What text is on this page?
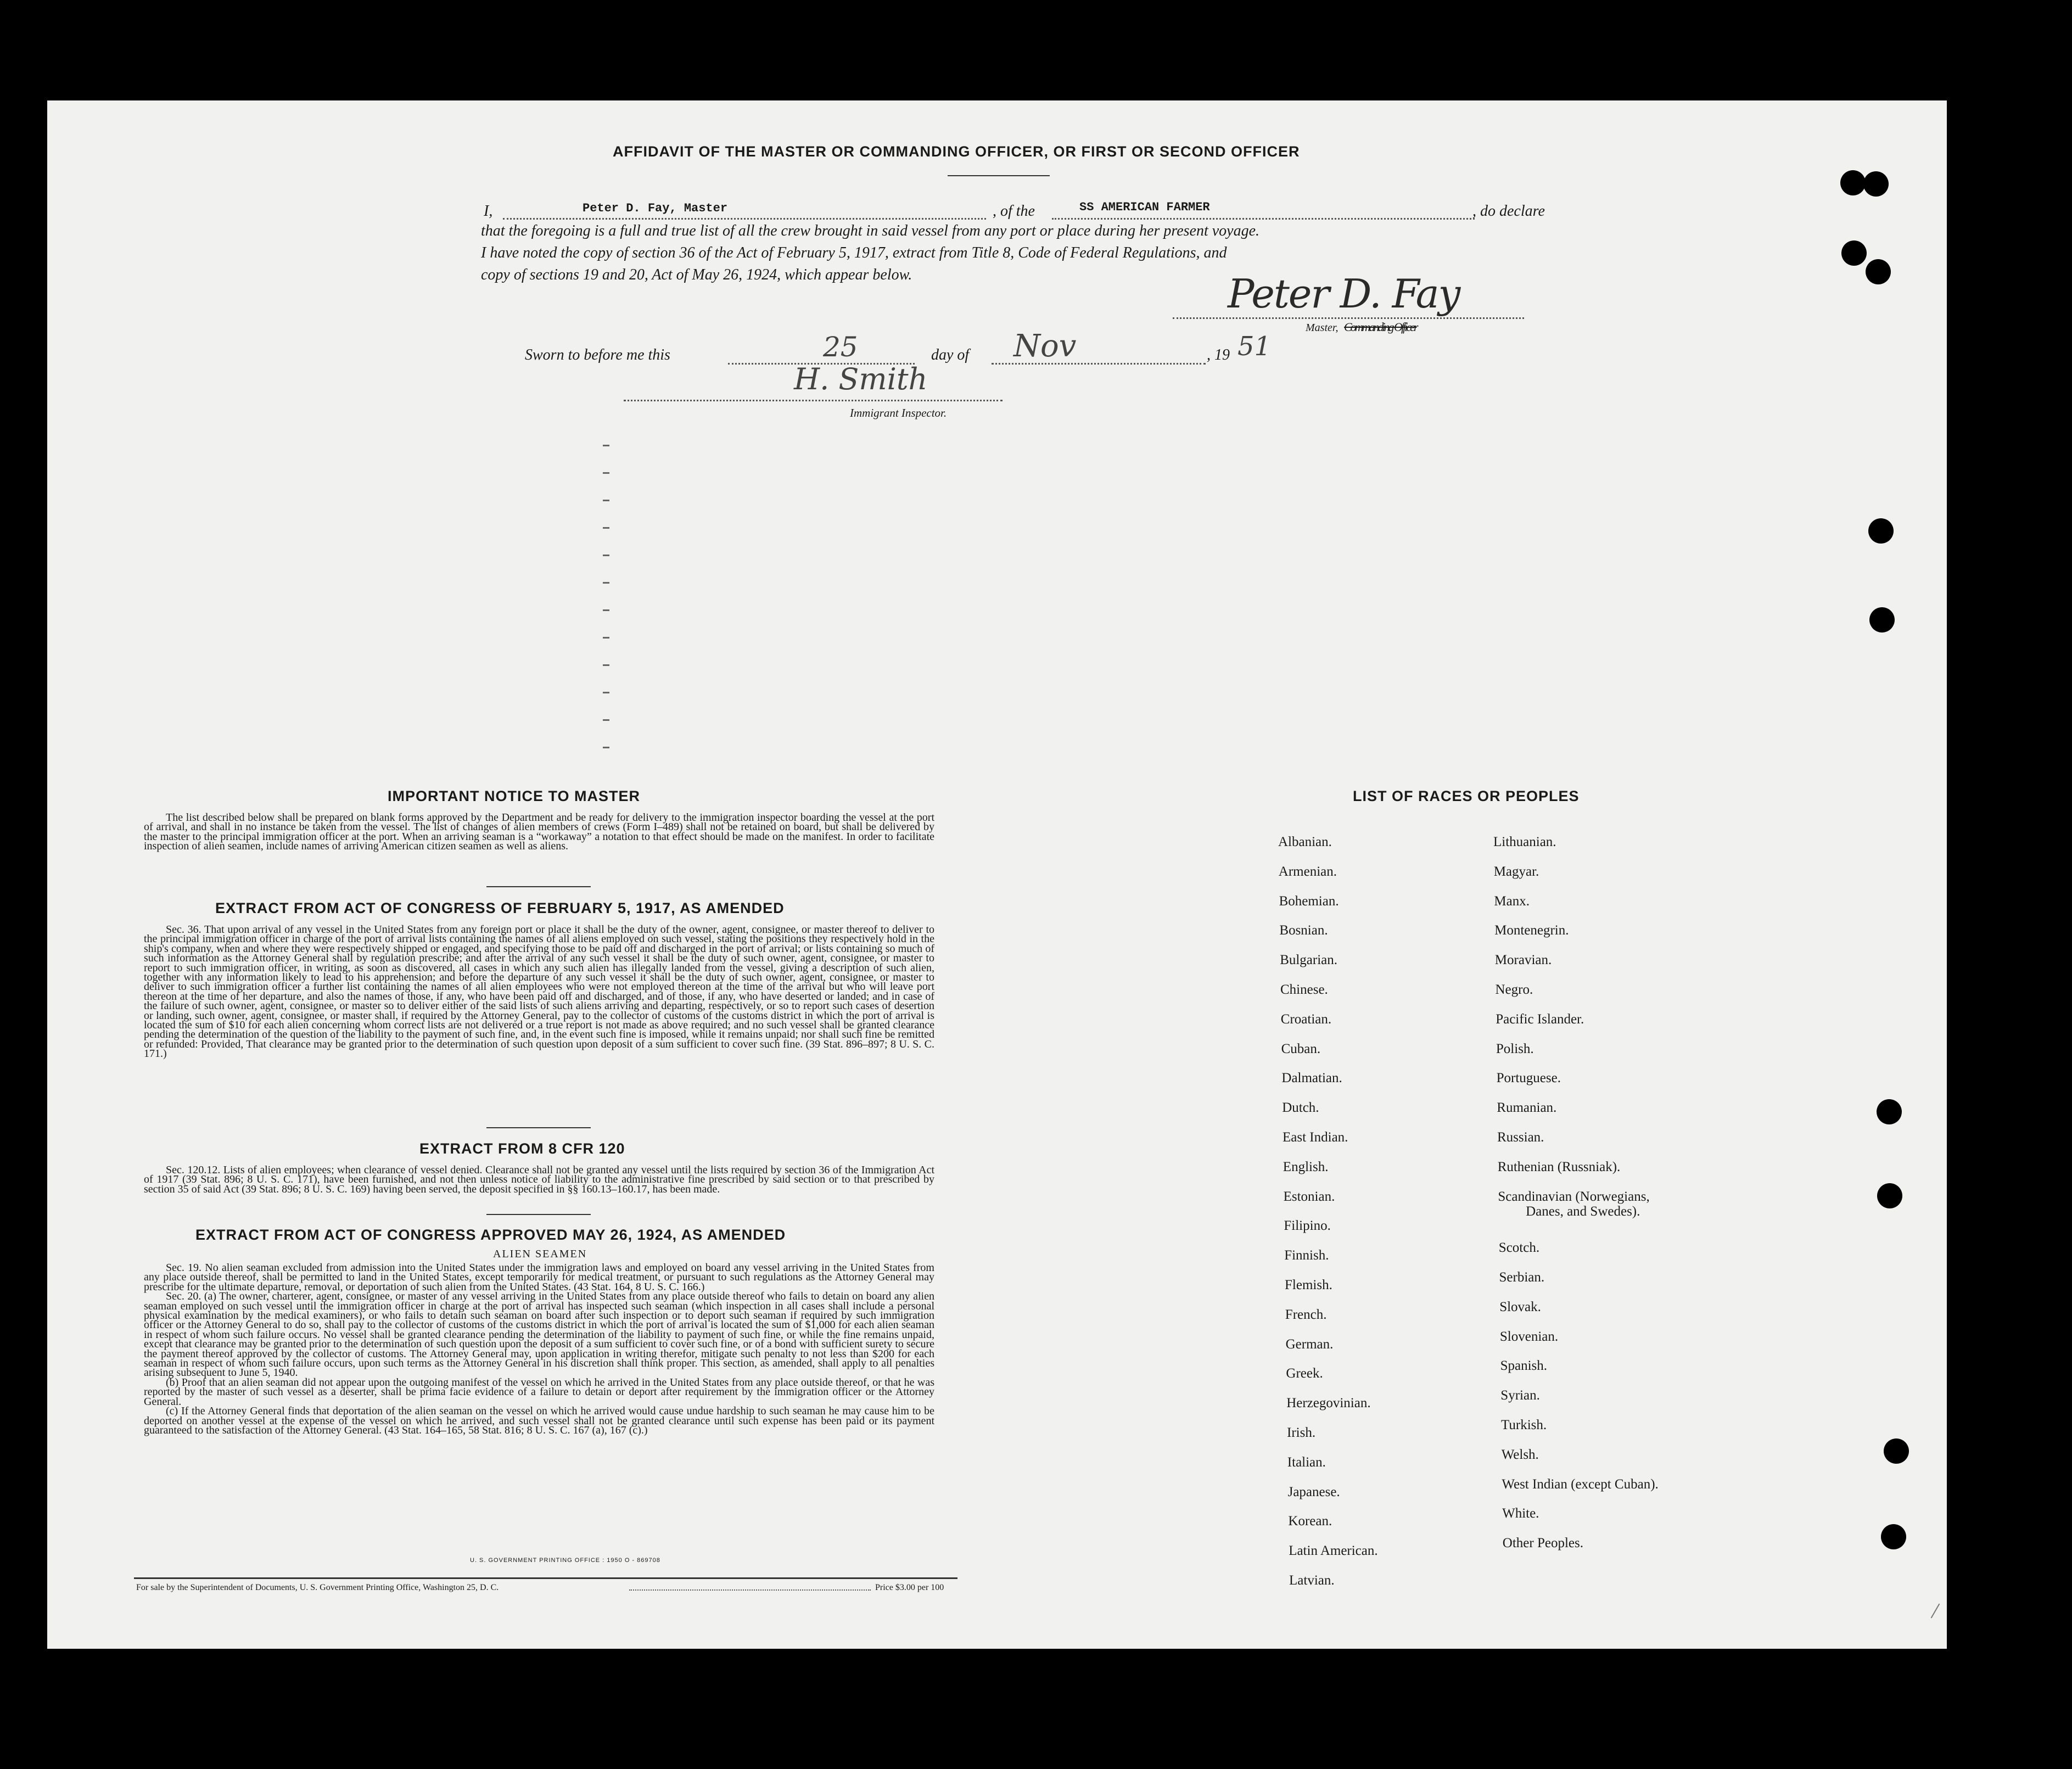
AFFIDAVIT OF THE MASTER OR COMMANDING OFFICER, OR FIRST OR SECOND OFFICER
I,	Peter D. Fay, Master	, of the	SS AMERICAN FARMER	, do declare
that the foregoing is a full and true list of all the crew brought in said vessel from any port or place during her present voyage.
I have noted the copy of section 36 of the Act of February 5, 1917, extract from Title 8, Code of Federal Regulations, and
copy of sections 19 and 20, Act of May 26, 1924, which appear below.	Peter D. Fay
Master, Commanding Officer
Sworn to before me this	25	day of Nov	, 19 51
H. Smith
Immigrant Inspector.
IMPORTANT NOTICE TO MASTER

The list described below shall be prepared on blank forms approved by the Department and be ready for delivery to the immigration inspector boarding the vessel at the port of arrival, and shall in no instance be taken from the vessel. The list of changes of alien members of crews (Form I–489) shall not be retained on board, but shall be delivered by the master to the principal immigration officer at the port. When an arriving seaman is a “workaway” a notation to that effect should be made on the manifest. In order to facilitate inspection of alien seamen, include names of arriving American citizen seamen as well as aliens.

EXTRACT FROM ACT OF CONGRESS OF FEBRUARY 5, 1917, AS AMENDED

Sec. 36. That upon arrival of any vessel in the United States from any foreign port or place it shall be the duty of the owner, agent, consignee, or master thereof to deliver to the principal immigration officer in charge of the port of arrival lists containing the names of all aliens employed on such vessel, stating the positions they respectively hold in the ship's company, when and where they were respectively shipped or engaged, and specifying those to be paid off and discharged in the port of arrival; or lists containing so much of such information as the Attorney General shall by regulation prescribe; and after the arrival of any such vessel it shall be the duty of such owner, agent, consignee, or master to report to such immigration officer, in writing, as soon as discovered, all cases in which any such alien has illegally landed from the vessel, giving a description of such alien, together with any information likely to lead to his apprehension; and before the departure of any such vessel it shall be the duty of such owner, agent, consignee, or master to deliver to such immigration officer a further list containing the names of all alien employees who were not employed thereon at the time of the arrival but who will leave port thereon at the time of her departure, and also the names of those, if any, who have been paid off and discharged, and of those, if any, who have deserted or landed; and in case of the failure of such owner, agent, consignee, or master so to deliver either of the said lists of such aliens arriving and departing, respectively, or so to report such cases of desertion or landing, such owner, agent, consignee, or master shall, if required by the Attorney General, pay to the collector of customs of the customs district in which the port of arrival is located the sum of $10 for each alien concerning whom correct lists are not delivered or a true report is not made as above required; and no such vessel shall be granted clearance pending the determination of the question of the liability to the payment of such fine, and, in the event such fine is imposed, while it remains unpaid; nor shall such fine be remitted or refunded: Provided, That clearance may be granted prior to the determination of such question upon deposit of a sum sufficient to cover such fine. (39 Stat. 896–897; 8 U. S. C. 171.)

EXTRACT FROM 8 CFR 120

Sec. 120.12. Lists of alien employees; when clearance of vessel denied. Clearance shall not be granted any vessel until the lists required by section 36 of the Immigration Act of 1917 (39 Stat. 896; 8 U. S. C. 171), have been furnished, and not then unless notice of liability to the administrative fine prescribed by said section or to that prescribed by section 35 of said Act (39 Stat. 896; 8 U. S. C. 169) having been served, the deposit specified in §§ 160.13–160.17, has been made.

EXTRACT FROM ACT OF CONGRESS APPROVED MAY 26, 1924, AS AMENDED
ALIEN SEAMEN

Sec. 19. No alien seaman excluded from admission into the United States under the immigration laws and employed on board any vessel arriving in the United States from any place outside thereof, shall be permitted to land in the United States, except temporarily for medical treatment, or pursuant to such regulations as the Attorney General may prescribe for the ultimate departure, removal, or deportation of such alien from the United States. (43 Stat. 164, 8 U. S. C. 166.)

Sec. 20. (a) The owner, charterer, agent, consignee, or master of any vessel arriving in the United States from any place outside thereof who fails to detain on board any alien seaman employed on such vessel until the immigration officer in charge at the port of arrival has inspected such seaman (which inspection in all cases shall include a personal physical examination by the medical examiners), or who fails to detain such seaman on board after such inspection or to deport such seaman if required by such immigration officer or the Attorney General to do so, shall pay to the collector of customs of the customs district in which the port of arrival is located the sum of $1,000 for each alien seaman in respect of whom such failure occurs. No vessel shall be granted clearance pending the determination of the liability to payment of such fine, or while the fine remains unpaid, except that clearance may be granted prior to the determination of such question upon the deposit of a sum sufficient to cover such fine, or of a bond with sufficient surety to secure the payment thereof approved by the collector of customs. The Attorney General may, upon application in writing therefor, mitigate such penalty to not less than $200 for each seaman in respect of whom such failure occurs, upon such terms as the Attorney General in his discretion shall think proper. This section, as amended, shall apply to all penalties arising subsequent to June 5, 1940.

(b) Proof that an alien seaman did not appear upon the outgoing manifest of the vessel on which he arrived in the United States from any place outside thereof, or that he was reported by the master of such vessel as a deserter, shall be prima facie evidence of a failure to detain or deport after requirement by the immigration officer or the Attorney General.

(c) If the Attorney General finds that deportation of the alien seaman on the vessel on which he arrived would cause undue hardship to such seaman he may cause him to be deported on another vessel at the expense of the vessel on which he arrived, and such vessel shall not be granted clearance until such expense has been paid or its payment guaranteed to the satisfaction of the Attorney General. (43 Stat. 164–165, 58 Stat. 816; 8 U. S. C. 167 (a), 167 (c).)

U. S. GOVERNMENT PRINTING OFFICE : 1950 O - 869708
For sale by the Superintendent of Documents, U. S. Government Printing Office, Washington 25, D. C.	Price $3.00 per 100
LIST OF RACES OR PEOPLES
Albanian.
Armenian.
Bohemian.
Bosnian.
Bulgarian.
Chinese.
Croatian.
Cuban.
Dalmatian.
Dutch.
East Indian.
English.
Estonian.
Filipino.
Finnish.
Flemish.
French.
German.
Greek.
Herzegovinian.
Irish.
Italian.
Japanese.
Korean.
Latin American.
Latvian.
Lithuanian.
Magyar.
Manx.
Montenegrin.
Moravian.
Negro.
Pacific Islander.
Polish.
Portuguese.
Rumanian.
Russian.
Ruthenian (Russniak).
Scandinavian (Norwegians,
Danes, and Swedes).
Scotch.
Serbian.
Slovak.
Slovenian.
Spanish.
Syrian.
Turkish.
Welsh.
West Indian (except Cuban).
White.
Other Peoples.
